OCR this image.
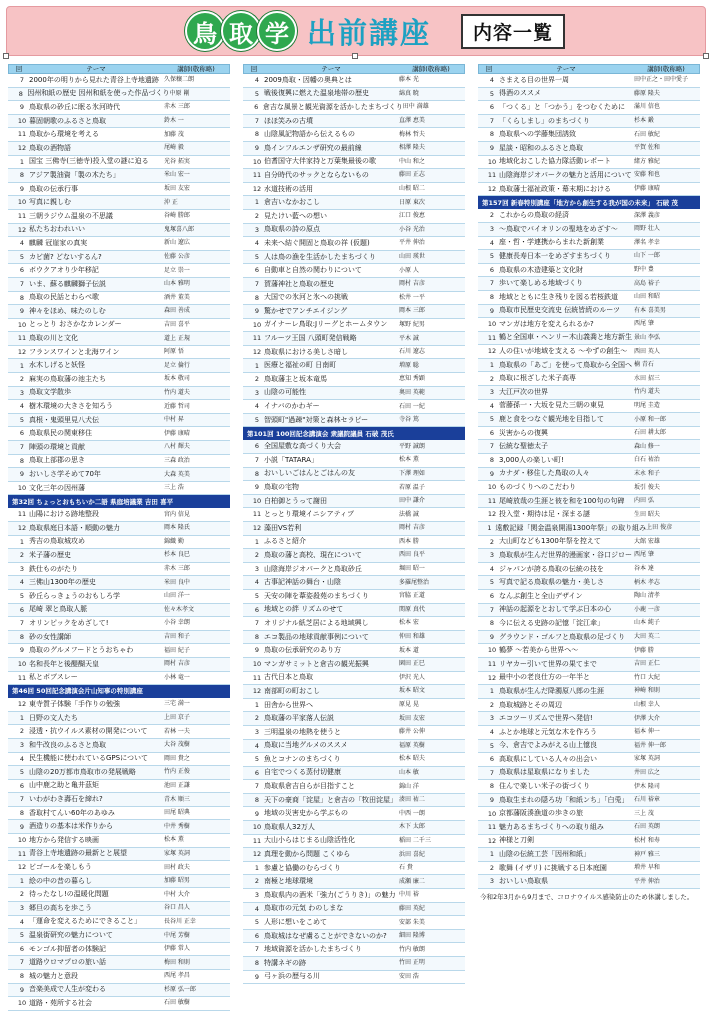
鳥 取 学 出前講座	内容一覧
回	テーマ	講師(敬称略)
7 2000年の明りから見れた青谷上寺地遺跡 久保穰二朗
8 因州和紙の歴史 因州和紙を使った作品づくり 中原 剛
9 鳥取県の砂丘に眠る氷河時代	赤木 三郎
10 暮固朝歌のふるさと鳥取	鈴木 一
11 鳥取から環境を考える	加藤 茂
12 鳥取の酒物語	尾崎 毅
1 国宝 三佛寺(三徳寺)投入堂の謎に迫る	光谷 拓実
8 アジア製油資「製の木たち」	米山 宏一
9 鳥取の伝承行事	坂田 友宏
10 写真に親しむ	沖 正
11 三朝ラジウム温泉の不思議	谷崎 勝郎
12 私たちおわれいい	鬼塚喜八郎
4 麒麟 冠崖家の真実	新山 遼広
5 カビ菌? どないするん?	佐藤 公彦
6 ボウクアオり少年移記	足立 崇一
7 いま、蘇る麒麟獅子伝説	山本 雅明
8 鳥取の民話とわらべ歌	酒井 董美
9 神々をほめ、味たのしむ	森田 善成
10 とっとり おさかなカレンダー	吉田 喜平
11 鳥取の川と文化	道上 正規
12 フランスワインと北海ワイン	阿原 悟
1 水木しげると妖怪	足立 倫行
2 麻実の鳥取藩の池主たち	坂本 敬司
3 鳥取文学散歩	竹内 道夫
4 樹木環境の大きさを知ろう	近藤 哲司
5 真根・鬼頭里見八犬伝	中村 昇
6 鳥取県民の関東移住	伊藤 康晴
7 陣頭の環境と貢献	八村 輝夫
8 鳥取上部郡の思き	三森 政治
9 おいしさ学そめて70年	大森 英美
10 文化三年の因州藩	三上 浩
第32回 ちょっとおもちいか二語 県庭培議業 吉田 喜平
11 山陽における跡地整段	宮内 信見
12 鳥取県庭日本語・順動の魅力	岡本 隆氏
1 秀吉の鳥取城攻め	錦織 勤
2 米子藩の歴史	杉本 良巳
3 鉄仕ものがたり	赤木 三郎
4 三佛山1300年の歴史	米田 良中
5 砂丘らっきょうのおもしろ学	山田 洋一
6 尾崎 翠と鳥取人脈	佐々木孝文
7 オリンピックをめざして!	小谷 幸朗
8 砂の女性講師	吉田 和子
9 鳥取のグルメフードとうおちゃわ	福田 紀子
10 名和長年と後醍醐天皇	岡村 吉彦
11 私とボブスレー	小林 竜一
第46回 50回記念講演会片山知事の特別講座
12 東寺質子体験「手作りの勉強	三宅 満一
1 日野の文人たち	上田 京子
2 浸透・抗ウイルス素材の開発について	若林 一夫
3 和牛改良のふるさと鳥取	大谷 茂樹
4 民生機能に使われているGPSについて	岡田 貴之
5 山陰の20万都市鳥取市の発展戦略	竹内 正俊
6 山中鹿之助と亀井茲矩	池田 正謙
7 いわがわき壽石を締れ?	青木 順三
8 香取村てんい60年のあゆみ	田尾 昭典
9 酒造りの基本は米作りから	中井 秀樹
10 地方から発信する映画	松本 薫
11 青谷上寺地遺跡の最新とと展望	家塚 英詞
12 ビゴールを楽しもう	田村 政夫
1 絵の中の昔の暮らし	加藤 昭男
2 待ったなし!の温暖化問題	中村 大介
3 郷旦の高ちを歩こう	谷口 昌人
4 「運命を変えるためにできること」	長谷川 正幸
5 温泉街研究の魅力について	中尾 芳樹
6 モンゴル抑留者の体験記	伊藤 常人
7 道路ウロマプロの旅い話	梅田 和則
8 城の魅力と意段	西尾 孝昌
9 音楽美成で人生が変わる	杉原 弘一郎
10 道路・苑所する社会	石田 敏樹
回	テーマ	講師(敬称略)
4 2009鳥取・因幡の奥典とは	藤本 光
5 戦後復興に燃えた温泉地帯の歴史	綿真 暁
6 倉吉な風景と観光資源を活かしたまちづくり 田中 満雄
7 ほほ笑みの古墳	直澤 恵美
8 山陰風記物語から伝えるもの	梅林 哲夫
9 鳥インフルエンザ研究の最前線	相澤 隆夫
10 伯耆国守大伴家持と万葉集最後の歌	中山 和之
11 自分時代のサックとならないもの	藤田 正志
12 水道技術の活用	山根 昭二
1 倉吉いなかおこし	日原 東次
2 見たけい藍への想い	江口 俊恵
3 鳥取県の詩の原点	小谷 光治
4 未来へ結ぐ開固と鳥取の祥 (仮題)	平井 伸治
5 人は鳥の漁を生活かしたまちづくり	山田 瑛世
6 自動車と自然の関わりについて	小原 人
7 賀藩神社と鳥取の歴史	岡村 吉彦
8 大国での氷河と氷への挑戦	松井 一平
9 驚かせでアンチエイジング	岡本 三郎
10 ガイナーレ鳥取:Jリーグとホームタウン	塚野 紀男
11 フルーツ王国 八頭町発信戦略	平木 誠
12 鳥取県における美しさ暗し	石川 遼志
1 医療と福祉の町 日南町	増原 聡
2 鳥取藩主と坂本竜馬	恵知 秀顕
3 山陰の可能性	奥田 英範
4 イナバのかわギー	石田 一紀
5 智頭町"過疎"対策と森林セラピー	寺谷 篤
第101回 100回記念講演会 衆議院議員 石破 茂氏
6 全国屋敷な高づくり大会	平野 誠朗
7 小説「TATARA」	松本 薫
8 おいしいごはんとごはんの友	下澤 理如
9 鳥取の宅物	若原 温子
10 白柏御とうって謝田	田中 謙介
11 とっとり環境イニシアティブ	法橋 誠
12 藻田VS若利	岡村 吉彦
1 ふるさと紹介	西本 勝
2 鳥取の藩と高校、現在について	西田 良平
3 山陰海岸ジオパークと鳥取砂丘	堀田 昭一
4 古事記神話の舞台・山陰	多羅尾整治
5 天安の陣を葦姿殺苑のまちづくり	宮脇 正道
6 地域との絆 リズムのせて	関原 真代
7 オリジナル紙芝居による地域興し	松本 宏
8 エコ製品の地球貢献事例について	仲田 和雄
9 鳥取の伝承研究のあり方	坂本 道
10 マンガサミットと倉吉の観光振興	園田 正巳
11 古代日本と鳥取	伊沢 光人
12 南部町の町おこし	坂本 昭文
1 田舎から世界へ	原見 晃
2 鳥取藩の平家落人伝説	坂田 友宏
3 三明温泉の地熱を使うと	藤井 公伸
4 鳥取に当地グルメのススメ	福原 英樹
5 魚とコナンのまちづくり	松本 昭夫
6 自宅でつくる蒸付切健康	山本 敏
7 鳥取県倉吉自らが目指すこと	錦山 洋
8 天下の豪商「淀屋」と倉吉の「牧田淀屋」 湊田 祐二
9 地域の災害史から学ぶもの	中西 一朗
10 鳥取県人32万人	木下 太郎
11 大山小らはじまる山陰活性化	稲田 二千三
12 真理を動から問題 こくゆら	浜田 喜紀
1 参慮と協働のむらづくり	石 貴
2 南極と地球環境	成瀬 廉二
3 鳥取県内の酒米「強力(ごうりき)」の魅力 中川 裕
4 鳥取市の元気 わのしまな	藤田 英紀
5 人形に想いをこめて	安部 朱美
6 鳥取城はなぜ虜ることができないのか?	細田 隆博
7 地域資源を活かしたまちづくり	竹内 敏朗
8 特講ネギの跡	竹田 正明
9 弓ヶ浜の歴与る川	安田 浩
回	テーマ	講師(敬称略)
4 さまえる目の世界一周	田中正之・田中愛子
5 得酒のススメ	藤原 隆夫
6 「つくる」と「つかう」をつむくために	滿川 信也
7 「くらしまし」のまちづくり	杉本 鍛
8 鳥取県への学藤集団誘致	石田 敏紀
9 星談・昭和のふるさと鳥取	平賀 佐和
10 地域化おこした協力隊活動レポート	緒方 雅紀
11 山陰海岸ジオパークの魅力と活用について 安藤 和也
12 鳥取藩士福祉政策・幕末期における	伊藤 康晴
第157回 新春特別講座「地方から創生する我が国の未来」 石破 茂
2 これからの鳥取の経済	深澤 義彦
3 ～鳥取でバイオリンの聖地をめざす～	岡野 壮人
4 座・哲・学連携からまれた新創業	澤名 孝幸
5 健康長寿日本一をめざすまちづくり	山下 一郎
6 鳥取県の木造建築と文化財	野中 豊
7 歩いて楽しめる地域づくり	高島 裕子
8 地域とともに生き残りを図る若桜鉄道	山田 和昭
9 鳥取市民歴史交流史 伝統皆続のルーツ	有本 喜美男
10 マンガは地方を変えられるか?	西尾 肇
11 鶴と全国車・ヘンリー木山義喬と地方新生 景山 李弘
12 人の住いが地域を支える ～やずの創生～	西田 英人
1 鳥取県の「あご」を使って鳥取から全国へ 楠 青石
2 鳥取に根ざした米子高専	水田 招三
3 大江戸次の世界	竹内 道夫
4 菅藤孫一・大坂を見た三朝の東見	明尾 圭造
5 鹿と食をつなぐ観光地を目指して	小原 和一郎
6 災害からの復興	石田 耕太郎
7 伝統な聖徳太子	森山 修一
8 3,000人の楽しい町!	白石 祐治
9 カナダ・移住した鳥取の人々	末永 和子
10 ものづくりへのこだわり	坂引 俊夫
11 尾崎放哉の生涯と彼を和を100句の句碑	内田 弘
12 投入堂・期待は足・深まる謎	生田 昭夫
1 遠敷記録「関金温泉開湯1300年祭」の取り組み 上田 俊彦
2 大山町なども1300年祭を控えて	大館 宏雄
3 鳥取県が生んだ世界的漫画家・谷口ジロー 西尾 肇
4 ジャパンが誇る鳥取の伝統の技を	谷本 達
5 写真で記る鳥取県の魅力・美しさ	柄木 孝志
6 なんぶ創生と全山デザイン	陶山 清孝
7 神話の起源をとおして学ぶ日本の心	小鹿 一彦
8 今に伝える史跡の記憶「淀江傘」	山本 純子
9 グラウンド・ゴルフと鳥取県の足づくり	大田 英二
10 鶴夢 ～若美から世界へ～	伊藤 勝
11 リヤカー引いて世界の果てまで	吉田 正仁
12 最中小の老良仕方の一年半と	竹口 大紀
1 鳥取県が生んだ降濁原八郎の生涯	神崎 和則
2 鳥取城跡とその周辺	山根 幸人
3 エコツーリズムで世界へ発信!	伊澤 大介
4 ふとか地球と元気な木を作ろう	福本 伸一
5 今、倉吉でよみがえる山上憶良	福井 伸一郎
6 高取県にしている人々の出会い	家塚 英詞
7 鳥取県は星取県になりました	井田 広之
8 住んで楽しい米子の街づくり	伊木 隆司
9 鳥取生まれの隠ろ功「和紙ンち」「白兎」 石川 裕章
10 京都藩阪湊漁道の歩きの旅	三上 茂
11 魅力あるまちづくりへの取り組み	石田 英朗
12 神様と刀剣	松村 和寿
1 山陰の伝統工芸「因州和紙」	神戸 雅三
2 歌舞 (イザリ) に挑戦する日本庭園	増井 早和
3 おいしい鳥取県	平井 伸治
今和2年3月から9月まで、コロナウイルス感染防止のため休講しました。
